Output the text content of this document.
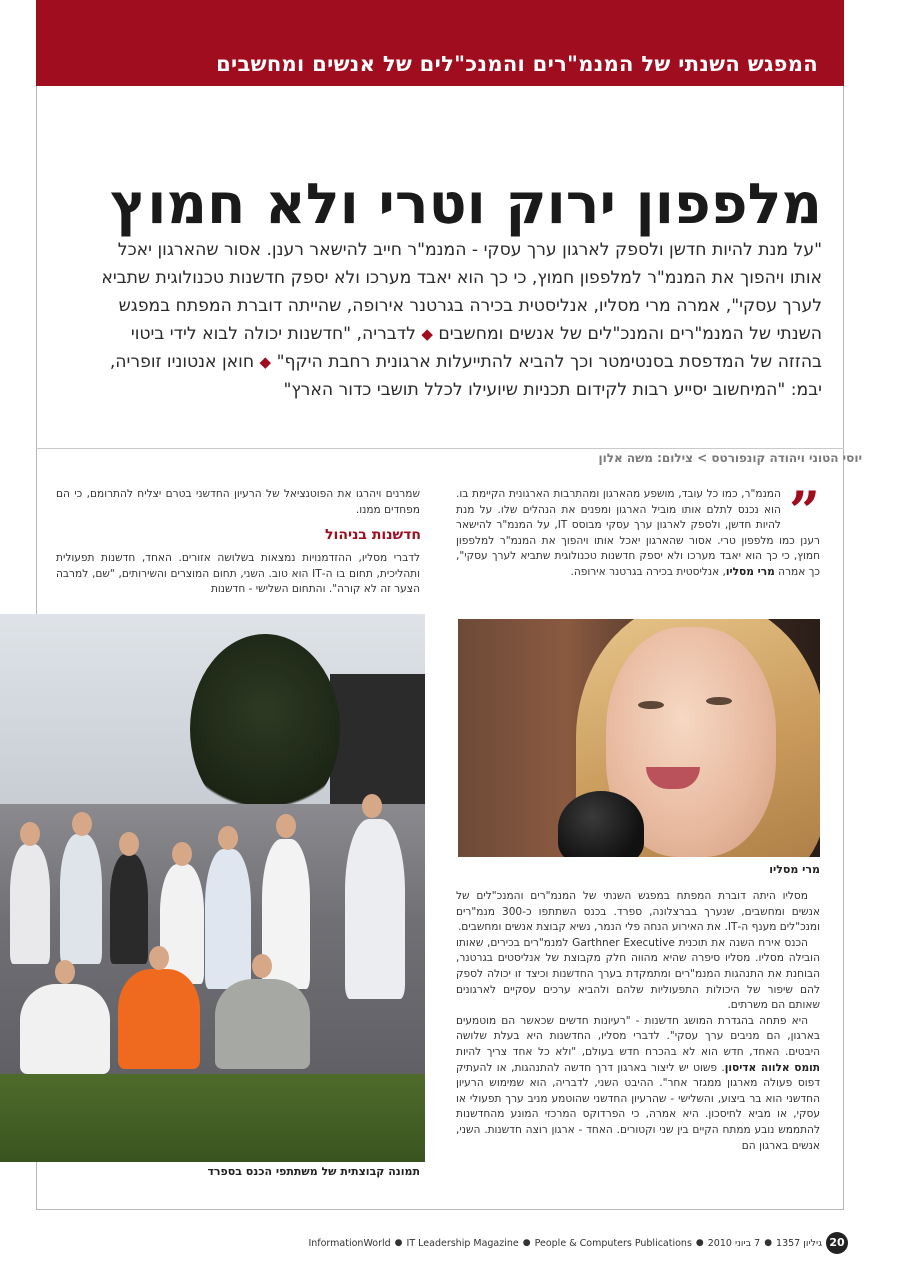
המפגש השנתי של המנמ"רים והמנכ"לים של אנשים ומחשבים
מלפפון ירוק וטרי ולא חמוץ
"על מנת להיות חדשן ולספק לארגון ערך עסקי - המנמ"ר חייב להישאר רענן. אסור שהארגון יאכל אותו ויהפוך את המנמ"ר למלפפון חמוץ, כי כך הוא יאבד מערכו ולא יספק חדשנות טכנולוגית שתביא לערך עסקי", אמרה מרי מסליו, אנליסטית בכירה בגרטנר אירופה, שהייתה דוברת המפתח במפגש השנתי של המנמ"רים והמנכ"לים של אנשים ומחשבים ◆ לדבריה, "חדשנות יכולה לבוא לידי ביטוי בהזזה של המדפסת בסנטימטר וכך להביא להתייעלות ארגונית רחבת היקף" ◆ חואן אנטוניו זופריה, יבמ: "המיחשוב יסייע רבות לקידום תכניות שיועילו לכלל תושבי כדור הארץ"
יוסי הטוני ויהודה קונפורטס > צילום: משה אלון
”
המנמ"ר, כמו כל עובד, מושפע מהארגון ומהתרבות הארגונית הקיימת בו. הוא נכנס לתלם אותו מוביל הארגון ומפנים את הנהלים שלו. על מנת להיות חדשן, ולספק לארגון ערך עסקי מבוסס IT, על המנמ"ר להישאר רענן כמו מלפפון טרי. אסור שהארגון יאכל אותו ויהפוך את המנמ"ר למלפפון חמוץ, כי כך הוא יאבד מערכו ולא יספק חדשנות טכנולוגית שתביא לערך עסקי", כך אמרה מרי מסליו, אנליסטית בכירה בגרטנר אירופה.
שמרנים ויהרגו את הפוטנציאל של הרעיון החדשני בטרם יצליח להתרומם, כי הם מפחדים ממנו.
חדשנות בניהול
לדברי מסליו, ההזדמנויות נמצאות בשלושה אזורים. האחד, חדשנות תפעולית ותהליכית, תחום בו ה-IT הוא טוב. השני, תחום המוצרים והשירותים, "שם, למרבה הצער זה לא קורה". והתחום השלישי - חדשנות
מרי מסליו
תמונה קבוצתית של משתתפי הכנס בספרד

מסליו היתה דוברת המפתח במפגש השנתי של המנמ"רים והמנכ"לים של אנשים ומחשבים, שנערך בברצלונה, ספרד. בכנס השתתפו כ-300 מנמ"רים ומנכ"לים מענף ה-IT. את האירוע הנחה פלי הנמר, נשיא קבוצת אנשים ומחשבים.

הכנס אירח השנה את תוכנית Garthner Executive למנמ"רים בכירים, שאותו הובילה מסליו. מסליו סיפרה שהיא מהווה חלק מקבוצת של אנליסטים בגרטנר, הבוחנת את התנהגות המנמ"רים ומתמקדת בערך החדשנות וכיצד זו יכולה לספק להם שיפור של היכולות התפעוליות שלהם ולהביא ערכים עסקיים לארגונים שאותם הם משרתים.

היא פתחה בהגדרת המושג חדשנות - "רעיונות חדשים שכאשר הם מוטמעים בארגון, הם מניבים ערך עסקי". לדברי מסליו, החדשנות היא בעלת שלושה היבטים. האחד, חדש הוא לא בהכרח חדש בעולם, "ולא כל אחד צריך להיות תומס אלווה אדיסון. פשוט יש ליצור בארגון דרך חדשה להתנהגות, או להעתיק דפוס פעולה מארגון ממגזר אחר". ההיבט השני, לדבריה, הוא שמימוש הרעיון החדשני הוא בר ביצוע, והשלישי - שהרעיון החדשני שהוטמע מניב ערך תפעולי או עסקי, או מביא לחיסכון. היא אמרה, כי הפרדוקס המרכזי המונע מהחדשנות להתממש נובע ממתח הקיים בין שני וקטורים. האחד - ארגון רוצה חדשנות. השני, אנשים בארגון הם

InformationWorld ● IT Leadership Magazine ● People & Computers Publications ● 7 ביוני 2010 ● גיליון 1357 20
